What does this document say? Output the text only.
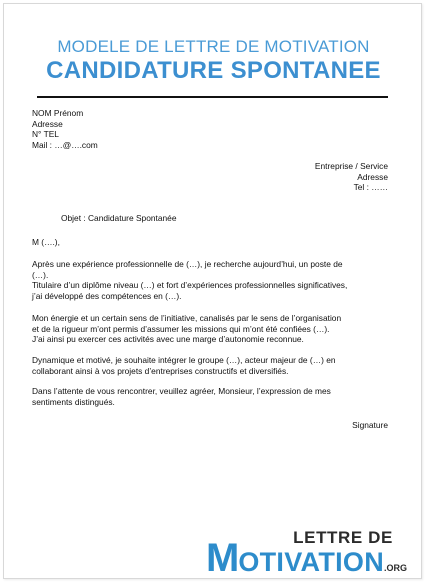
MODELE DE LETTRE DE MOTIVATION
CANDIDATURE SPONTANEE
NOM Prénom
Adresse
N° TEL
Mail : …@….com
Entreprise / Service
Adresse
Tel : ……
Objet : Candidature Spontanée
M (….),
Après une expérience professionnelle de (…), je recherche aujourd’hui, un poste de
(…).
Titulaire d’un diplôme niveau (…) et fort d’expériences professionnelles significatives,
j’ai développé des compétences en (…).
Mon énergie et un certain sens de l’initiative, canalisés par le sens de l’organisation
et de la rigueur m’ont permis d’assumer les missions qui m’ont été confiées (…).
J’ai ainsi pu exercer ces activités avec une marge d’autonomie reconnue.
Dynamique et motivé, je souhaite intégrer le groupe (…), acteur majeur de (…) en
collaborant ainsi à vos projets d’entreprises constructifs et diversifiés.
Dans l’attente de vous rencontrer, veuillez agréer, Monsieur, l’expression de mes
sentiments distingués.
Signature
LETTRE DE
MOTIVATION.ORG
